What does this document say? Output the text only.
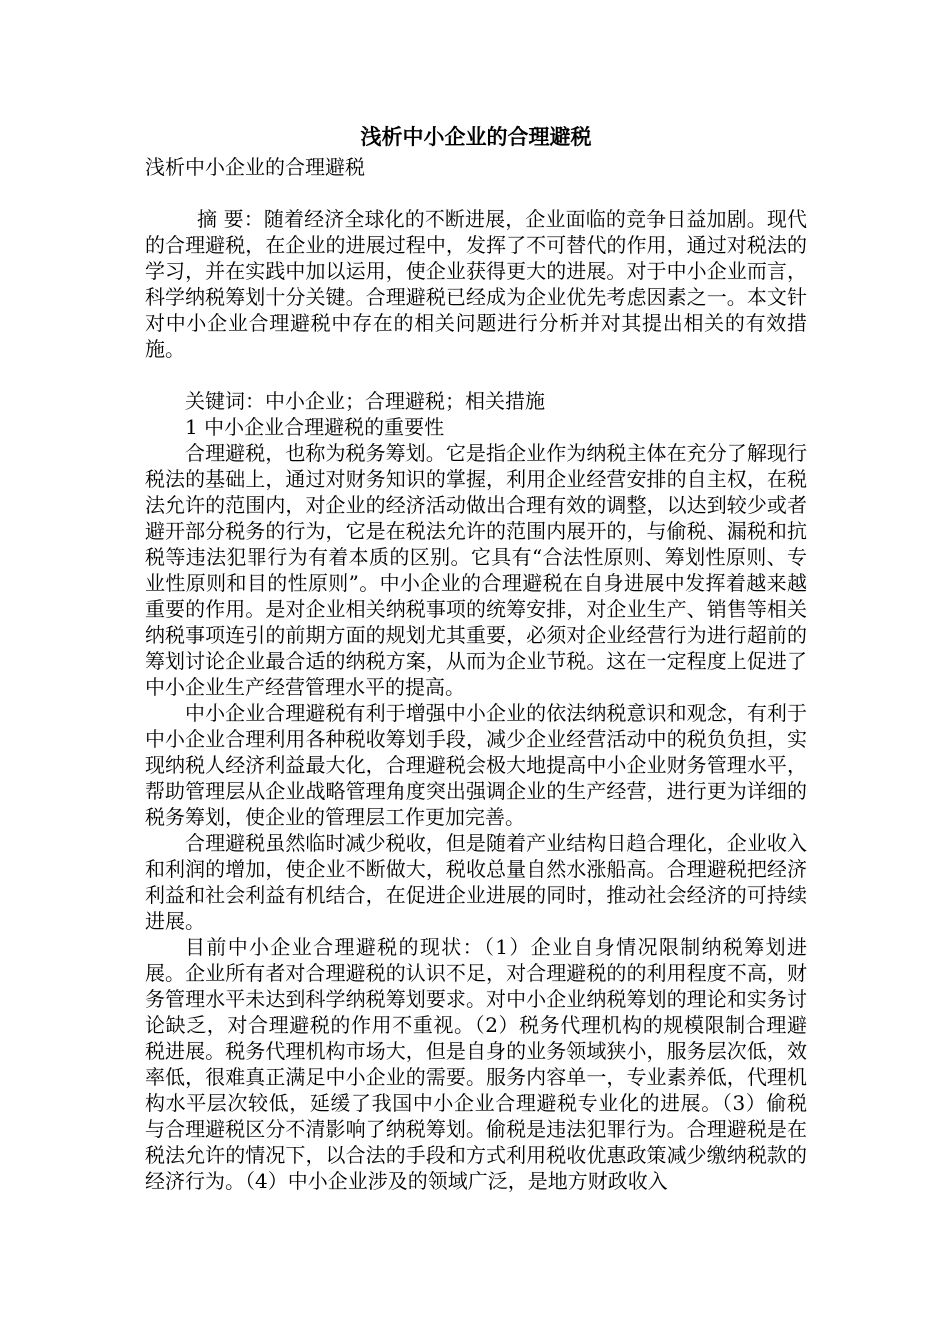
浅析中小企业的合理避税

浅析中小企业的合理避税

摘 要：随着经济全球化的不断进展，企业面临的竞争日益加剧。现代的合理避税，在企业的进展过程中，发挥了不可替代的作用，通过对税法的学习，并在实践中加以运用，使企业获得更大的进展。对于中小企业而言，科学纳税筹划十分关键。合理避税已经成为企业优先考虑因素之一。本文针对中小企业合理避税中存在的相关问题进行分析并对其提出相关的有效措施。

关键词：中小企业；合理避税；相关措施

1 中小企业合理避税的重要性

合理避税，也称为税务筹划。它是指企业作为纳税主体在充分了解现行税法的基础上，通过对财务知识的掌握，利用企业经营安排的自主权，在税法允许的范围内，对企业的经济活动做出合理有效的调整，以达到较少或者避开部分税务的行为，它是在税法允许的范围内展开的，与偷税、漏税和抗税等违法犯罪行为有着本质的区别。它具有“合法性原则、筹划性原则、专业性原则和目的性原则”。中小企业的合理避税在自身进展中发挥着越来越重要的作用。是对企业相关纳税事项的统筹安排，对企业生产、销售等相关纳税事项连引的前期方面的规划尤其重要，必须对企业经营行为进行超前的筹划讨论企业最合适的纳税方案，从而为企业节税。这在一定程度上促进了中小企业生产经营管理水平的提高。

中小企业合理避税有利于增强中小企业的依法纳税意识和观念，有利于中小企业合理利用各种税收筹划手段，减少企业经营活动中的税负负担，实现纳税人经济利益最大化，合理避税会极大地提高中小企业财务管理水平，帮助管理层从企业战略管理角度突出强调企业的生产经营，进行更为详细的税务筹划，使企业的管理层工作更加完善。

合理避税虽然临时减少税收，但是随着产业结构日趋合理化，企业收入和利润的增加，使企业不断做大，税收总量自然水涨船高。合理避税把经济利益和社会利益有机结合，在促进企业进展的同时，推动社会经济的可持续进展。

目前中小企业合理避税的现状：（1）企业自身情况限制纳税筹划进展。企业所有者对合理避税的认识不足，对合理避税的的利用程度不高，财务管理水平未达到科学纳税筹划要求。对中小企业纳税筹划的理论和实务讨论缺乏，对合理避税的作用不重视。（2）税务代理机构的规模限制合理避税进展。税务代理机构市场大，但是自身的业务领域狭小，服务层次低，效率低，很难真正满足中小企业的需要。服务内容单一，专业素养低，代理机构水平层次较低，延缓了我国中小企业合理避税专业化的进展。（3）偷税与合理避税区分不清影响了纳税筹划。偷税是违法犯罪行为。合理避税是在税法允许的情况下，以合法的手段和方式利用税收优惠政策减少缴纳税款的经济行为。（4）中小企业涉及的领域广泛，是地方财政收入
